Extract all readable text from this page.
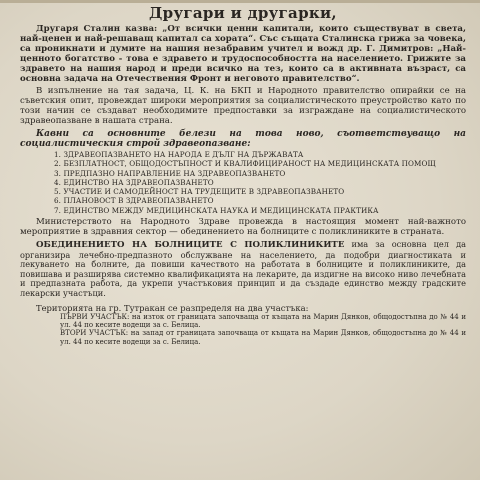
Другари и другарки,

Другаря Сталин казва: „От всички ценни капитали, които съществуват в света, най-ценен и най-решаващ капитал са хората“. Със същата Сталинска грижа за човека, са проникнати и думите на нашия незабравим учител и вожд др. Г. Димитров: „Най-ценното богатство - това е здравето и трудоспособността на населението. Грижите за здравето на нашия народ и преди всичко на тез, които са в активната възраст, са основна задача на Отечествения Фронт и неговото правителство“.

В изпълнение на тая задача, Ц. К. на БКП и Народното правителство опирайки се на съветския опит, провеждат широки мероприятия за социалистическото преустройство като по този начин се създават необходимите предпоставки за изграждане на социалистическото здравеопазване в нашата страна.

Кавни са основните белези на това ново, съответствуващо на социалистическия строй здравеопазване:

1. ЗДРАВЕОПАЗВАНЕТО НА НАРОДА Е ДЪЛГ НА ДЪРЖАВАТА
2. БЕЗПЛАТНОСТ, ОБЩОДОСТЪПНОСТ И КВАЛИФИЦИРАНОСТ НА МЕДИЦИНСКАТА ПОМОЩ
3. ПРЕДПАЗНО НАПРАВЛЕНИЕ НА ЗДРАВЕОПАЗВАНЕТО
4. ЕДИНСТВО НА ЗДРАВЕОПАЗВАНЕТО
5. УЧАСТИЕ И САМОДЕЙНОСТ НА ТРУДЕЩИТЕ В ЗДРАВЕОПАЗВАНЕТО
6. ПЛАНОВОСТ В ЗДРАВЕОПАЗВАНЕТО
7. ЕДИНСТВО МЕЖДУ МЕДИЦИНСКАТА НАУКА И МЕДИЦИНСКАТА ПРАКТИКА

Министерството на Народното Здраве провежда в настоящия момент най-важното мероприятие в здравния сектор — обединението на болниците с поликлиниките в страната.

ОБЕДИНЕНИЕТО НА БОЛНИЦИТЕ С ПОЛИКЛИНИКИТЕ има за основна цел да организира лечебно-предпазното обслужване на населението, да подобри диагностиката и лекуването на болните, да повиши качеството на работата в болниците и поликлиниките, да повишава и разширява системно квалификацията на лекарите, да издигне на високо ниво лечебната и предпазната работа, да укрепи участъковия принцип и да създаде единство между градските лекарски участъци.

Територията на гр. Тутракан се разпределя на два участъка:

ПЪРВИ УЧАСТЪК: на изток от границата започваща от къщата на Марин Дянков, общодостъпна до № 44 и ул. 44 по кесите водещи за с. Белица.

ВТОРИ УЧАСТЪК: на запад от границата започваща от къщата на Марин Дянков, общодостъпна до № 44 и ул. 44 по кесите водещи за с. Белица.
